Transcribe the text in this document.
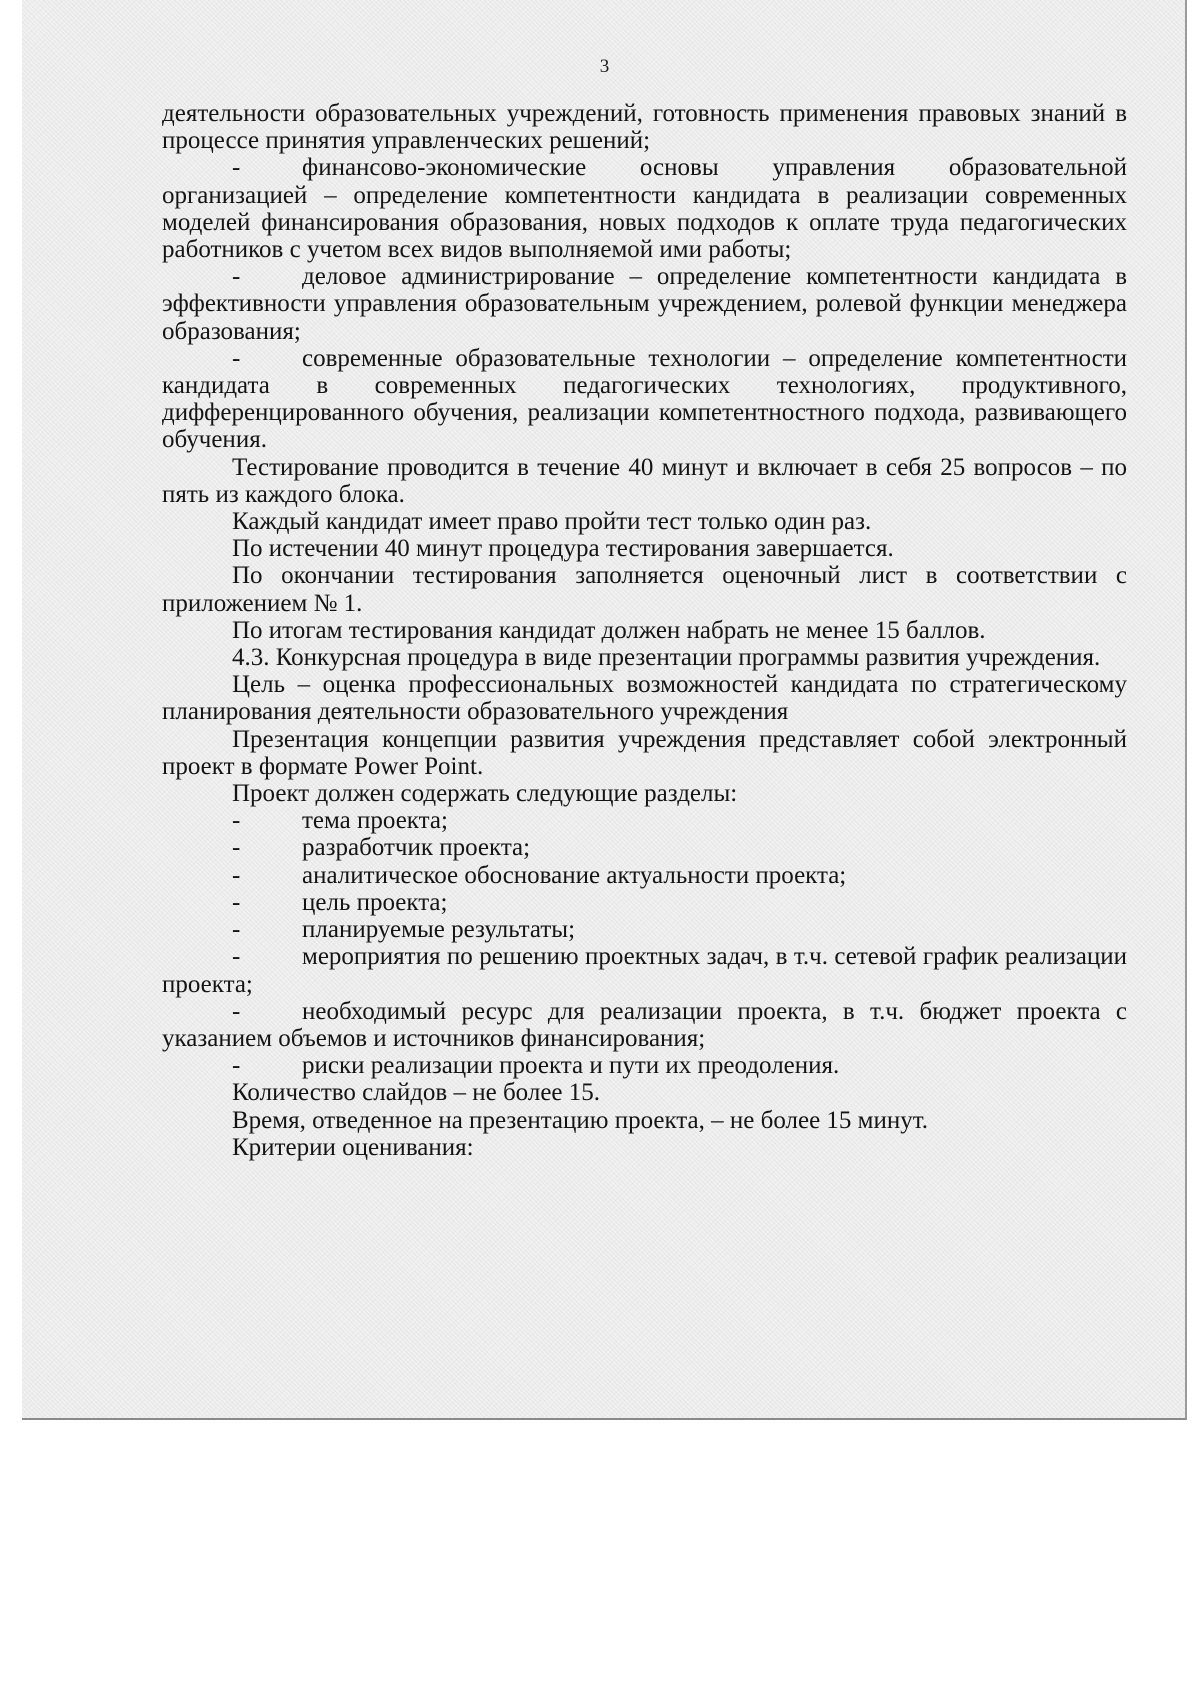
3

деятельности образовательных учреждений, готовность применения правовых знаний в процессе принятия управленческих решений;

- финансово-экономические основы управления образовательной организацией – определение компетентности кандидата в реализации современных моделей финансирования образования, новых подходов к оплате труда педагогических работников с учетом всех видов выполняемой ими работы;

- деловое администрирование – определение компетентности кандидата в эффективности управления образовательным учреждением, ролевой функции менеджера образования;

- современные образовательные технологии – определение компетентности кандидата в современных педагогических технологиях, продуктивного, дифференцированного обучения, реализации компетентностного подхода, развивающего обучения.

Тестирование проводится в течение 40 минут и включает в себя 25 вопросов – по пять из каждого блока.

Каждый кандидат имеет право пройти тест только один раз.

По истечении 40 минут процедура тестирования завершается.

По окончании тестирования заполняется оценочный лист в соответствии с приложением № 1.

По итогам тестирования кандидат должен набрать не менее 15 баллов.

4.3. Конкурсная процедура в виде презентации программы развития учреждения.

Цель – оценка профессиональных возможностей кандидата по стратегическому планирования деятельности образовательного учреждения

Презентация концепции развития учреждения представляет собой электронный проект в формате Power Point.

Проект должен содержать следующие разделы:

- тема проекта;

- разработчик проекта;

- аналитическое обоснование актуальности проекта;

- цель проекта;

- планируемые результаты;

- мероприятия по решению проектных задач, в т.ч. сетевой график реализации проекта;

- необходимый ресурс для реализации проекта, в т.ч. бюджет проекта с указанием объемов и источников финансирования;

- риски реализации проекта и пути их преодоления.

Количество слайдов – не более 15.

Время, отведенное на презентацию проекта, – не более 15 минут.

Критерии оценивания:
